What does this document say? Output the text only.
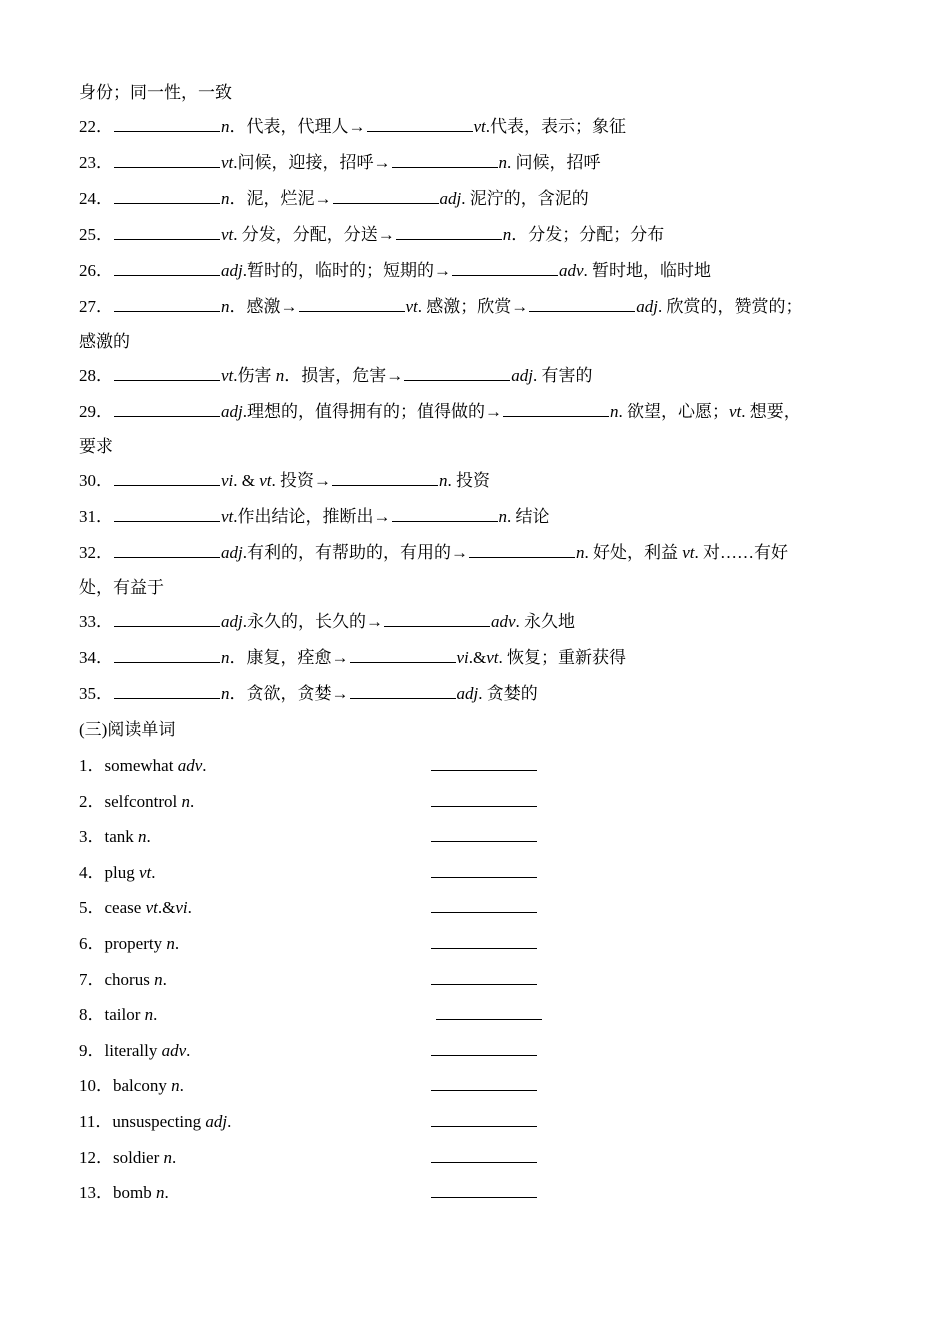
身份；同一性，一致
22．	n．代表，代理人→	vt.代表，表示；象征
23．	vt.问候，迎接，招呼→	n. 问候，招呼
24．	n．泥，烂泥→	adj. 泥泞的，含泥的
25．	vt. 分发，分配，分送→	n．分发；分配；分布
26．	adj.暂时的，临时的；短期的→	adv. 暂时地，临时地
27．	n．感激→	vt. 感激；欣赏→	adj. 欣赏的，赞赏的；
感激的
28．	vt.伤害 n．损害，危害→	adj. 有害的
29．	adj.理想的，值得拥有的；值得做的→	n. 欲望，心愿；vt. 想要，
要求
30．	vi. & vt. 投资→	n. 投资
31．	vt.作出结论，推断出→	n. 结论
32．	adj.有利的，有帮助的，有用的→	n. 好处，利益 vt. 对……有好
处，有益于
33．	adj.永久的，长久的→	adv. 永久地
34．	n．康复，痊愈→	vi.&vt. 恢复；重新获得
35．	n．贪欲，贪婪→	adj. 贪婪的
(三)阅读单词
1．somewhat adv.
2．selfcontrol n.
3．tank n.
4．plug vt.
5．cease vt.&vi.
6．property n.
7．chorus n.
8．tailor n.
9．literally adv.
10．balcony n.
11．unsuspecting adj.
12．soldier n.
13．bomb n.
